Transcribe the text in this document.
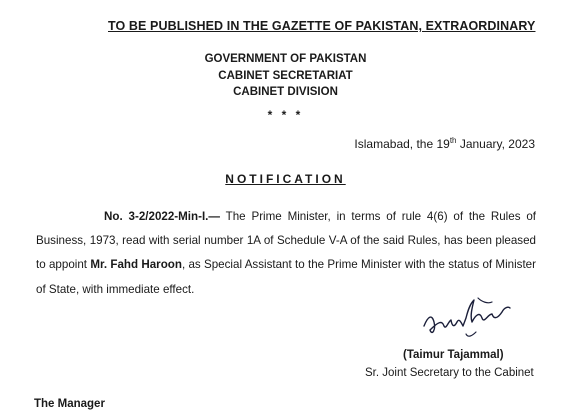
TO BE PUBLISHED IN THE GAZETTE OF PAKISTAN, EXTRAORDINARY
GOVERNMENT OF PAKISTAN
CABINET SECRETARIAT
CABINET DIVISION
* * *
Islamabad, the 19th January, 2023
NOTIFICATION
No. 3-2/2022-Min-I.— The Prime Minister, in terms of rule 4(6) of the Rules of Business, 1973, read with serial number 1A of Schedule V-A of the said Rules, has been pleased to appoint Mr. Fahd Haroon, as Special Assistant to the Prime Minister with the status of Minister of State, with immediate effect.
(Taimur Tajammal)
Sr. Joint Secretary to the Cabinet
The Manager
